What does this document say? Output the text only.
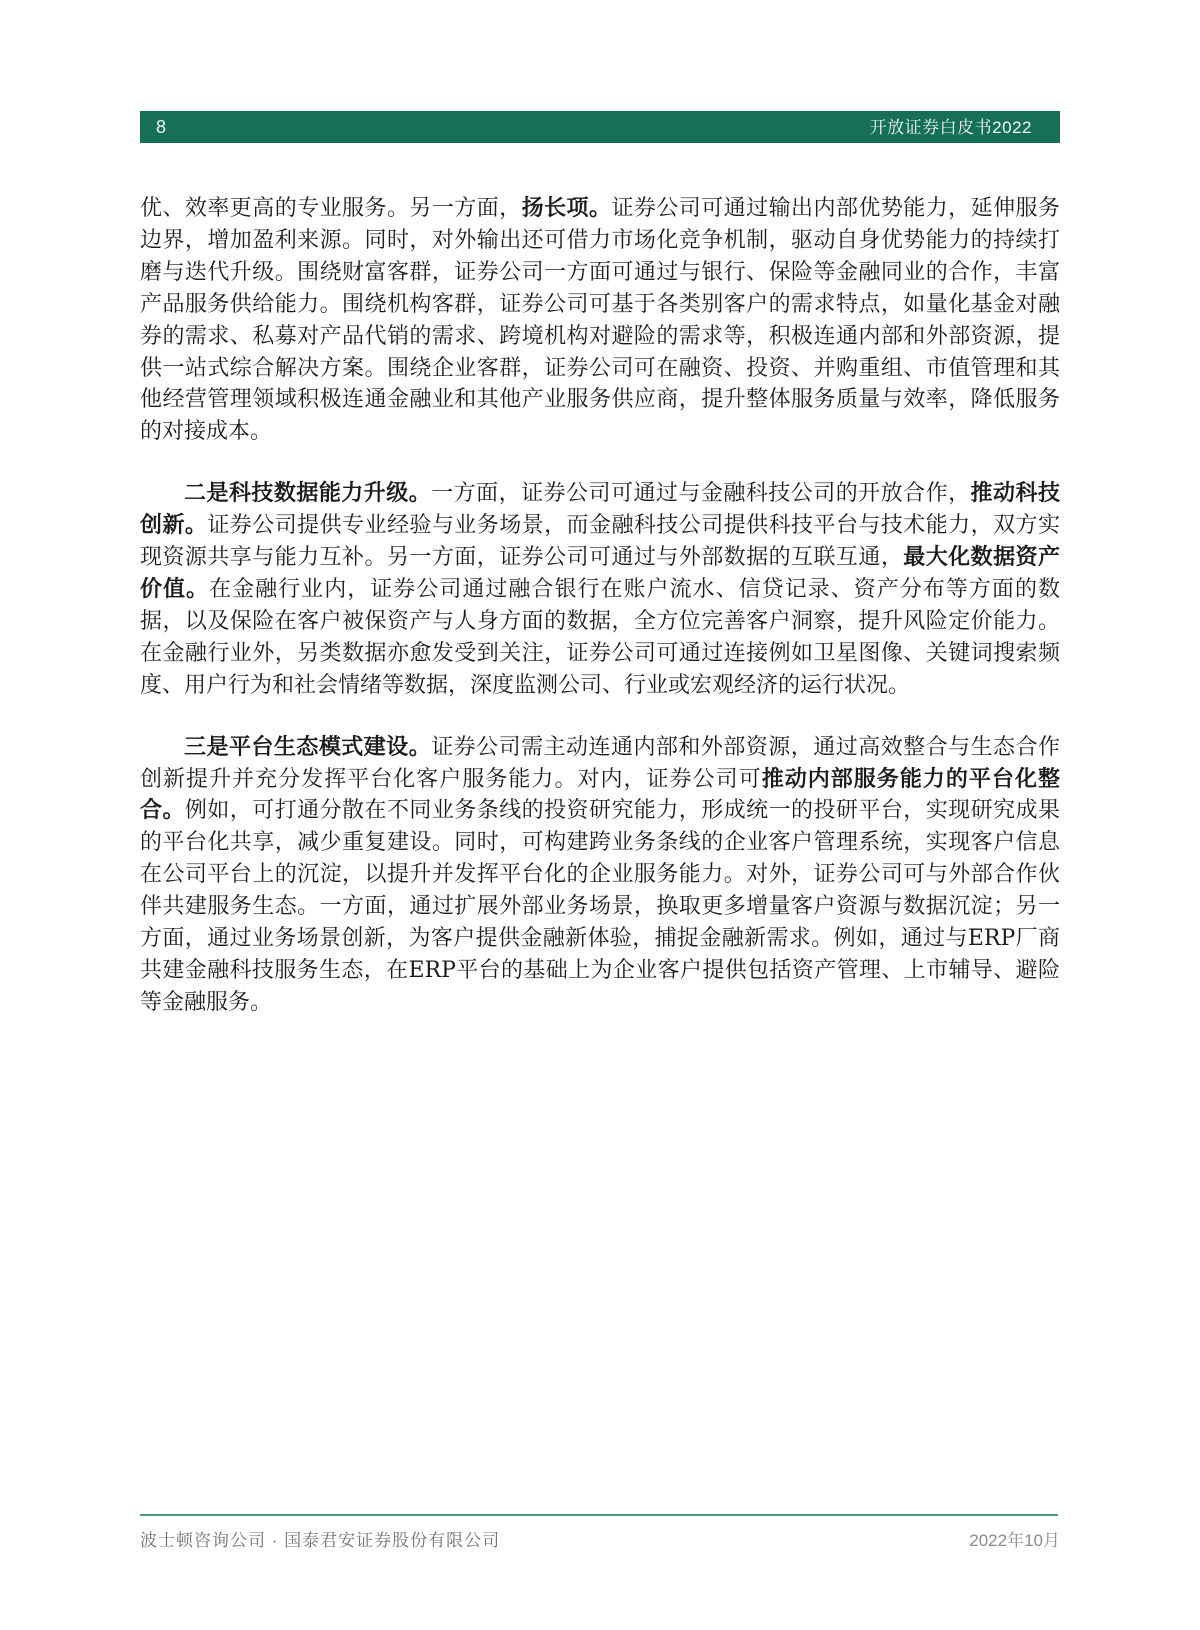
8	开放证券白皮书2022

优、效率更高的专业服务。另一方面，扬长项。证券公司可通过输出内部优势能力，延伸服务边界，增加盈利来源。同时，对外输出还可借力市场化竞争机制，驱动自身优势能力的持续打磨与迭代升级。围绕财富客群，证券公司一方面可通过与银行、保险等金融同业的合作，丰富产品服务供给能力。围绕机构客群，证券公司可基于各类别客户的需求特点，如量化基金对融券的需求、私募对产品代销的需求、跨境机构对避险的需求等，积极连通内部和外部资源，提供一站式综合解决方案。围绕企业客群，证券公司可在融资、投资、并购重组、市值管理和其他经营管理领域积极连通金融业和其他产业服务供应商，提升整体服务质量与效率，降低服务的对接成本。

二是科技数据能力升级。一方面，证券公司可通过与金融科技公司的开放合作，推动科技创新。证券公司提供专业经验与业务场景，而金融科技公司提供科技平台与技术能力，双方实现资源共享与能力互补。另一方面，证券公司可通过与外部数据的互联互通，最大化数据资产价值。在金融行业内，证券公司通过融合银行在账户流水、信贷记录、资产分布等方面的数据，以及保险在客户被保资产与人身方面的数据，全方位完善客户洞察，提升风险定价能力。在金融行业外，另类数据亦愈发受到关注，证券公司可通过连接例如卫星图像、关键词搜索频度、用户行为和社会情绪等数据，深度监测公司、行业或宏观经济的运行状况。

三是平台生态模式建设。证券公司需主动连通内部和外部资源，通过高效整合与生态合作创新提升并充分发挥平台化客户服务能力。对内，证券公司可推动内部服务能力的平台化整合。例如，可打通分散在不同业务条线的投资研究能力，形成统一的投研平台，实现研究成果的平台化共享，减少重复建设。同时，可构建跨业务条线的企业客户管理系统，实现客户信息在公司平台上的沉淀，以提升并发挥平台化的企业服务能力。对外，证券公司可与外部合作伙伴共建服务生态。一方面，通过扩展外部业务场景，换取更多增量客户资源与数据沉淀；另一方面，通过业务场景创新，为客户提供金融新体验，捕捉金融新需求。例如，通过与ERP厂商共建金融科技服务生态，在ERP平台的基础上为企业客户提供包括资产管理、上市辅导、避险等金融服务。

波士顿咨询公司 · 国泰君安证券股份有限公司	2022年10月
